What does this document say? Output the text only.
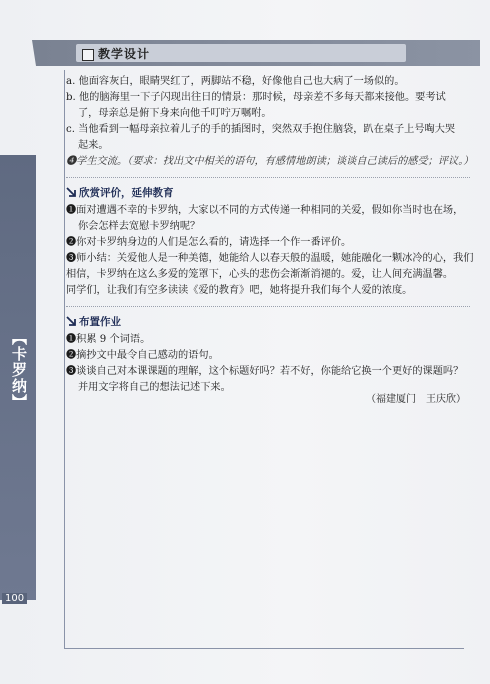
教学设计
【卡罗纳】
100
a. 他面容灰白，眼睛哭红了，两脚站不稳，好像他自己也大病了一场似的。
b. 他的脑海里一下子闪现出往日的情景：那时候，母亲差不多每天都来接他。要考试
了，母亲总是俯下身来向他千叮咛万嘱咐。
c. 当他看到一幅母亲拉着儿子的手的插图时，突然双手抱住脑袋，趴在桌子上号啕大哭
起来。
❹学生交流。（要求：找出文中相关的语句，有感情地朗读；谈谈自己读后的感受；评议。）
欣赏评价，延伸教育
❶面对遭遇不幸的卡罗纳，大家以不同的方式传递一种相同的关爱，假如你当时也在场，
你会怎样去宽慰卡罗纳呢？
❷你对卡罗纳身边的人们是怎么看的，请选择一个作一番评价。
❸师小结：关爱他人是一种美德，她能给人以春天般的温暖，她能融化一颗冰冷的心，我们
相信，卡罗纳在这么多爱的笼罩下，心头的悲伤会渐渐消褪的。爱，让人间充满温馨。
同学们，让我们有空多读读《爱的教育》吧，她将提升我们每个人爱的浓度。
布置作业
❶积累 9 个词语。
❷摘抄文中最令自己感动的语句。
❸谈谈自己对本课课题的理解，这个标题好吗？若不好，你能给它换一个更好的课题吗？
并用文字将自己的想法记述下来。
（福建厦门　王庆欣）
